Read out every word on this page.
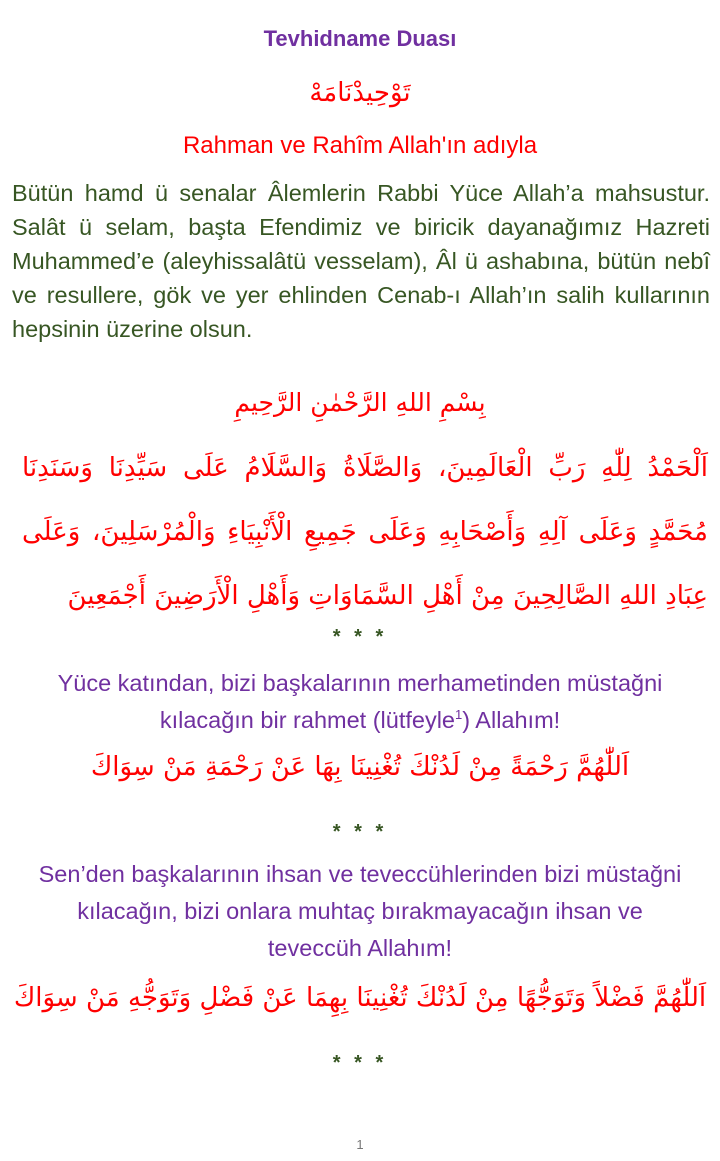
Tevhidname Duası
تَوْحِيدْنَامَهْ
Rahman ve Rahîm Allah'ın adıyla
Bütün hamd ü senalar Âlemlerin Rabbi Yüce Allah’a mahsustur. Salât ü selam, başta Efendimiz ve biricik dayanağımız Hazreti Muhammed’e (aleyhissalâtü vesselam), Âl ü ashabına, bütün nebî ve resullere, gök ve yer ehlinden Cenab-ı Allah’ın salih kullarının hepsinin üzerine olsun.
بِسْمِ اللهِ الرَّحْمٰنِ الرَّحِيمِ
اَلْحَمْدُ لِلّٰهِ رَبِّ الْعَالَمِينَ، وَالصَّلَاةُ وَالسَّلَامُ عَلَى سَيِّدِنَا وَسَنَدِنَا مُحَمَّدٍ وَعَلَى آلِهِ وَأَصْحَابِهِ وَعَلَى جَمِيعِ الْأَنْبِيَاءِ وَالْمُرْسَلِينَ، وَعَلَى عِبَادِ اللهِ الصَّالِحِينَ مِنْ أَهْلِ السَّمَاوَاتِ وَأَهْلِ الْأَرَضِينَ أَجْمَعِينَ
* * *
Yüce katından, bizi başkalarının merhametinden müstağni
kılacağın bir rahmet (lütfeyle$^1$) Allahım!
اَللّٰهُمَّ رَحْمَةً مِنْ لَدُنْكَ تُغْنِينَا بِهَا عَنْ رَحْمَةِ مَنْ سِوَاكَ
* * *
Sen’den başkalarının ihsan ve teveccühlerinden bizi müstağni
kılacağın, bizi onlara muhtaç bırakmayacağın ihsan ve
teveccüh Allahım!
اَللّٰهُمَّ فَضْلاً وَتَوَجُّهًا مِنْ لَدُنْكَ تُغْنِينَا بِهِمَا عَنْ فَضْلِ وَتَوَجُّهِ مَنْ سِوَاكَ
* * *
1
